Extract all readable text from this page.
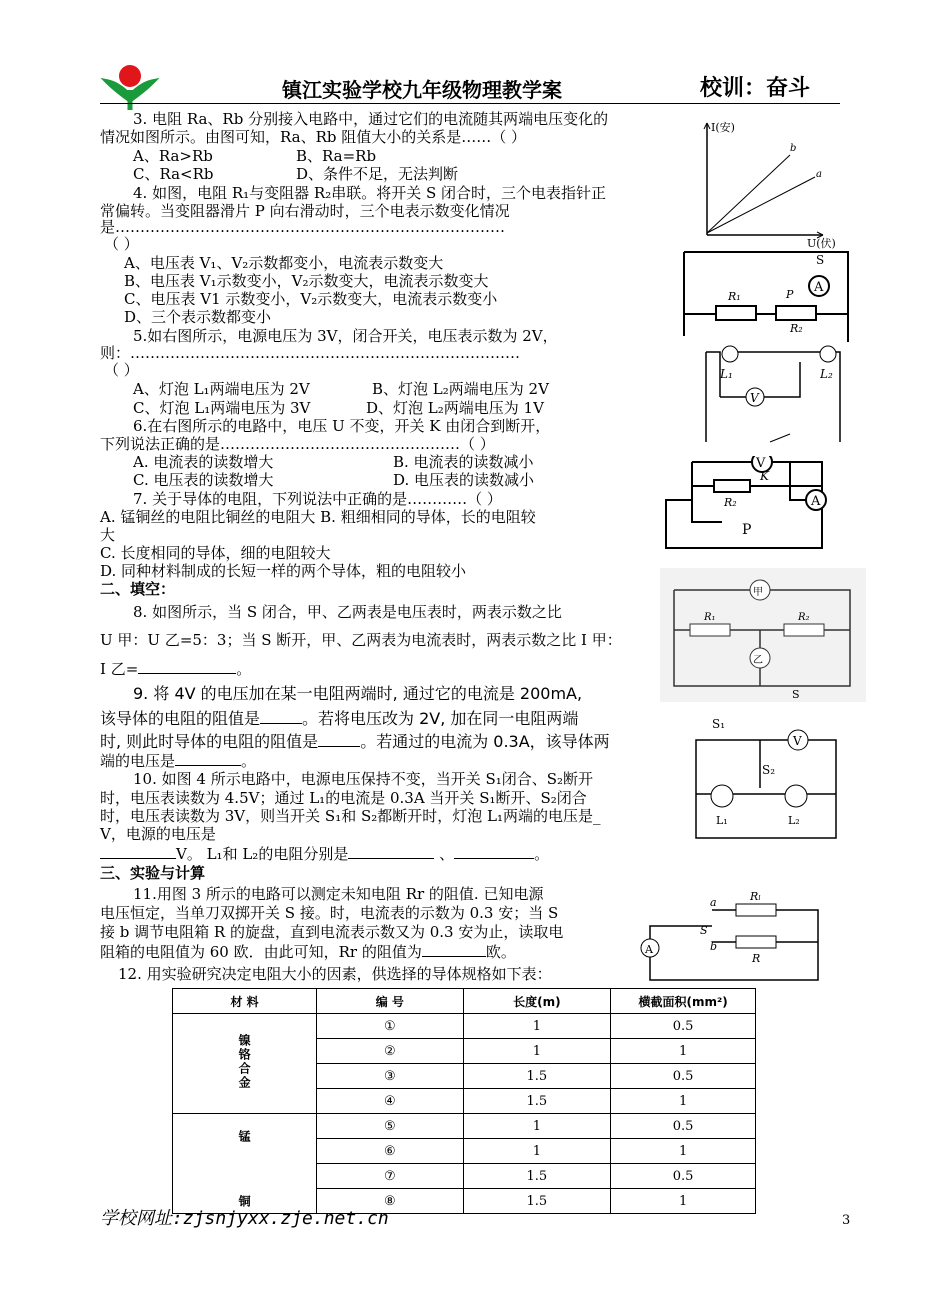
镇江实验学校九年级物理教学案	校训：奋斗
3. 电阻 Ra、Rb 分别接入电路中，通过它们的电流随其两端电压变化的
情况如图所示。由图可知，Ra、Rb 阻值大小的关系是……（ ）
A、Ra>Rb	B、Ra=Rb
C、Ra<Rb	D、条件不足，无法判断
4. 如图，电阻 R₁与变阻器 R₂串联。将开关 S 闭合时，三个电表指针正
常偏转。当变阻器滑片 P 向右滑动时，三个电表示数变化情况
是……………………………………………………………………
（ ）
A、电压表 V₁、V₂示数都变小，电流表示数变大
B、电压表 V₁示数变小，V₂示数变大，电流表示数变大
C、电压表 V1 示数变小，V₂示数变大，电流表示数变小
D、三个表示数都变小
5.如右图所示，电源电压为 3V，闭合开关，电压表示数为 2V，
则：……………………………………………………………………
（ ）
A、灯泡 L₁两端电压为 2V	B、灯泡 L₂两端电压为 2V
C、灯泡 L₁两端电压为 3V	D、灯泡 L₂两端电压为 1V
6.在右图所示的电路中，电压 U 不变，开关 K 由闭合到断开，
下列说法正确的是…………………………………………（ ）
A. 电流表的读数增大	B. 电流表的读数减小
C. 电压表的读数增大	D. 电压表的读数减小
7. 关于导体的电阻，下列说法中正确的是…………（ ）
A. 锰铜丝的电阻比铜丝的电阻大 B. 粗细相同的导体，长的电阻较
大
C. 长度相同的导体，细的电阻较大
D. 同种材料制成的长短一样的两个导体，粗的电阻较小
二、填空：
8. 如图所示，当 S 闭合，甲、乙两表是电压表时，两表示数之比
U 甲：U 乙=5：3；当 S 断开，甲、乙两表为电流表时，两表示数之比 I 甲：
I 乙=	。
9. 将 4V 的电压加在某一电阻两端时, 通过它的电流是 200mA,
该导体的电阻的阻值是	。若将电压改为 2V, 加在同一电阻两端
时, 则此时导体的电阻的阻值是	。若通过的电流为 0.3A，该导体两
端的电压是	。
10. 如图 4 所示电路中，电源电压保持不变，当开关 S₁闭合、S₂断开
时，电压表读数为 4.5V；通过 L₁的电流是 0.3A 当开关 S₁断开、S₂闭合
时，电压表读数为 3V，则当开关 S₁和 S₂都断开时，灯泡 L₁两端的电压是_
V，电源的电压是
V。 L₁和 L₂的电阻分别是	、	。
三、实验与计算
11.用图 3 所示的电路可以测定未知电阻 Rr 的阻值. 已知电源
电压恒定，当单刀双掷开关 S 接。时，电流表的示数为 0.3 安；当 S
接 b 调节电阻箱 R 的旋盘，直到电流表示数又为 0.3 安为止，读取电
阻箱的电阻值为 60 欧．由此可知，Rr 的阻值为	欧。
12. 用实验研究决定电阻大小的因素，供选择的导体规格如下表：
材 料	编 号	长度(m)	横截面积(mm²)
镍铬合金	①	1	0.5
	②	1	1
	③	1.5	0.5
	④	1.5	1
锰	⑤	1	0.5
	⑥	1	1
铜	⑦	1.5	0.5
	⑧	1.5	1
学校网址:zjsnjyxx.zje.net.cn	3
I(安)
U(伏)
b
a
A
R₁
R₂
P
S
V
L₁	L₂
V
R₂
K
A
P
甲
R₁	R₂
乙
S
S₁
S₂
V
L₁	L₂
A
Rₗ
R
a
b
S
